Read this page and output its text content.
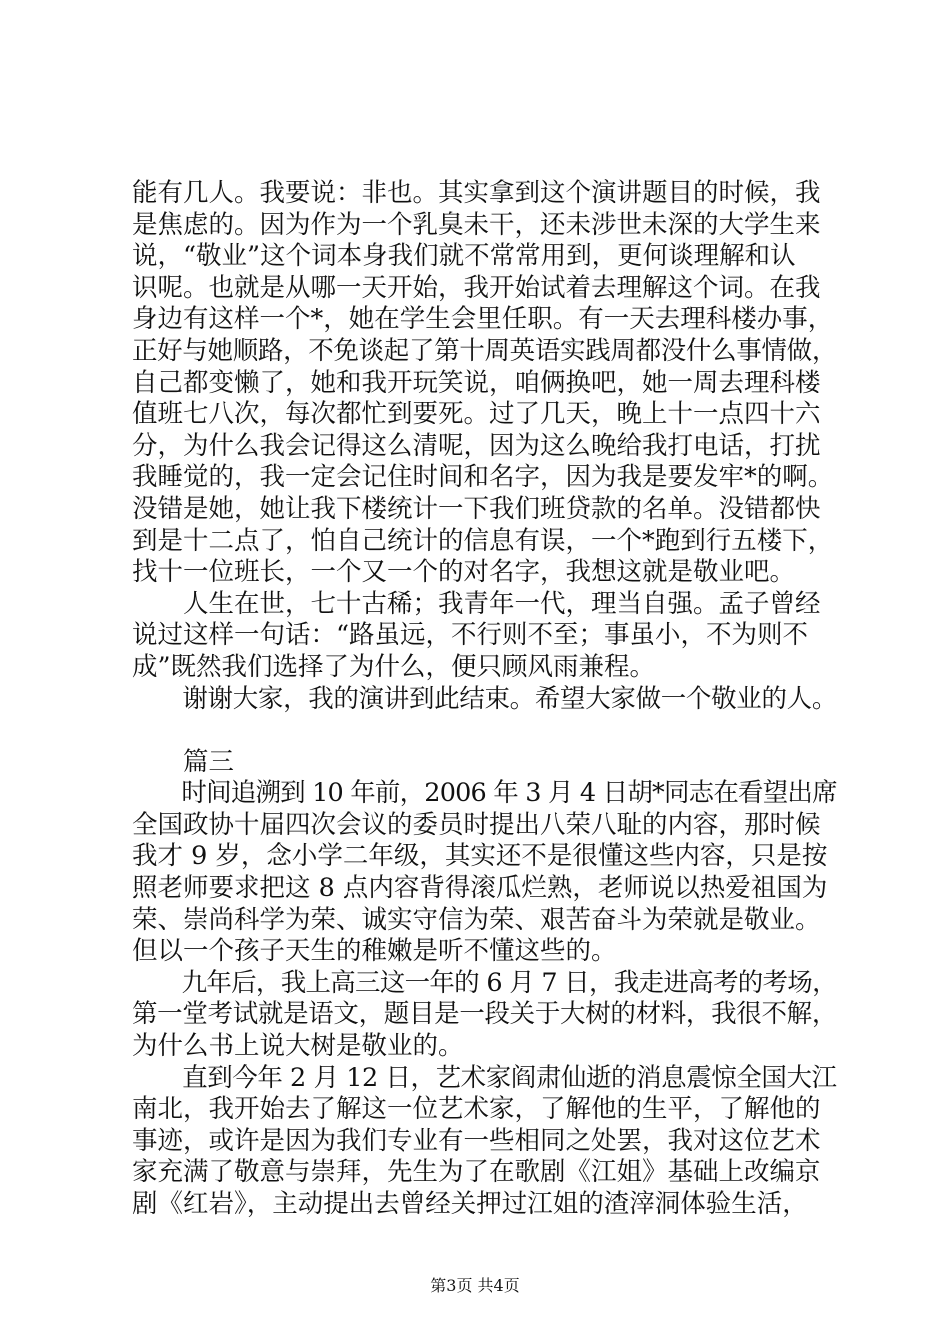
能有几人。我要说：非也。其实拿到这个演讲题目的时候，我
是焦虑的。因为作为一个乳臭未干，还未涉世未深的大学生来
说，“敬业”这个词本身我们就不常常用到，更何谈理解和认
识呢。也就是从哪一天开始，我开始试着去理解这个词。在我
身边有这样一个*，她在学生会里任职。有一天去理科楼办事，
正好与她顺路，不免谈起了第十周英语实践周都没什么事情做，
自己都变懒了，她和我开玩笑说，咱俩换吧，她一周去理科楼
值班七八次，每次都忙到要死。过了几天，晚上十一点四十六
分，为什么我会记得这么清呢，因为这么晚给我打电话，打扰
我睡觉的，我一定会记住时间和名字，因为我是要发牢*的啊。
没错是她，她让我下楼统计一下我们班贷款的名单。没错都快
到是十二点了，怕自己统计的信息有误，一个*跑到行五楼下，
找十一位班长，一个又一个的对名字，我想这就是敬业吧。
　　人生在世，七十古稀；我青年一代，理当自强。孟子曾经
说过这样一句话：“路虽远，不行则不至；事虽小，不为则不
成”既然我们选择了为什么，便只顾风雨兼程。
　　谢谢大家，我的演讲到此结束。希望大家做一个敬业的人。
　　篇三
　　时间追溯到 10 年前，2006 年 3 月 4 日胡*同志在看望出席
全国政协十届四次会议的委员时提出八荣八耻的内容，那时候
我才 9 岁，念小学二年级，其实还不是很懂这些内容，只是按
照老师要求把这 8 点内容背得滚瓜烂熟，老师说以热爱祖国为
荣、崇尚科学为荣、诚实守信为荣、艰苦奋斗为荣就是敬业。
但以一个孩子天生的稚嫩是听不懂这些的。
　　九年后，我上高三这一年的 6 月 7 日，我走进高考的考场，
第一堂考试就是语文，题目是一段关于大树的材料，我很不解，
为什么书上说大树是敬业的。
　　直到今年 2 月 12 日，艺术家阎肃仙逝的消息震惊全国大江
南北，我开始去了解这一位艺术家，了解他的生平，了解他的
事迹，或许是因为我们专业有一些相同之处罢，我对这位艺术
家充满了敬意与崇拜，先生为了在歌剧《江姐》基础上改编京
剧《红岩》，主动提出去曾经关押过江姐的渣滓洞体验生活，
第3页 共4页
